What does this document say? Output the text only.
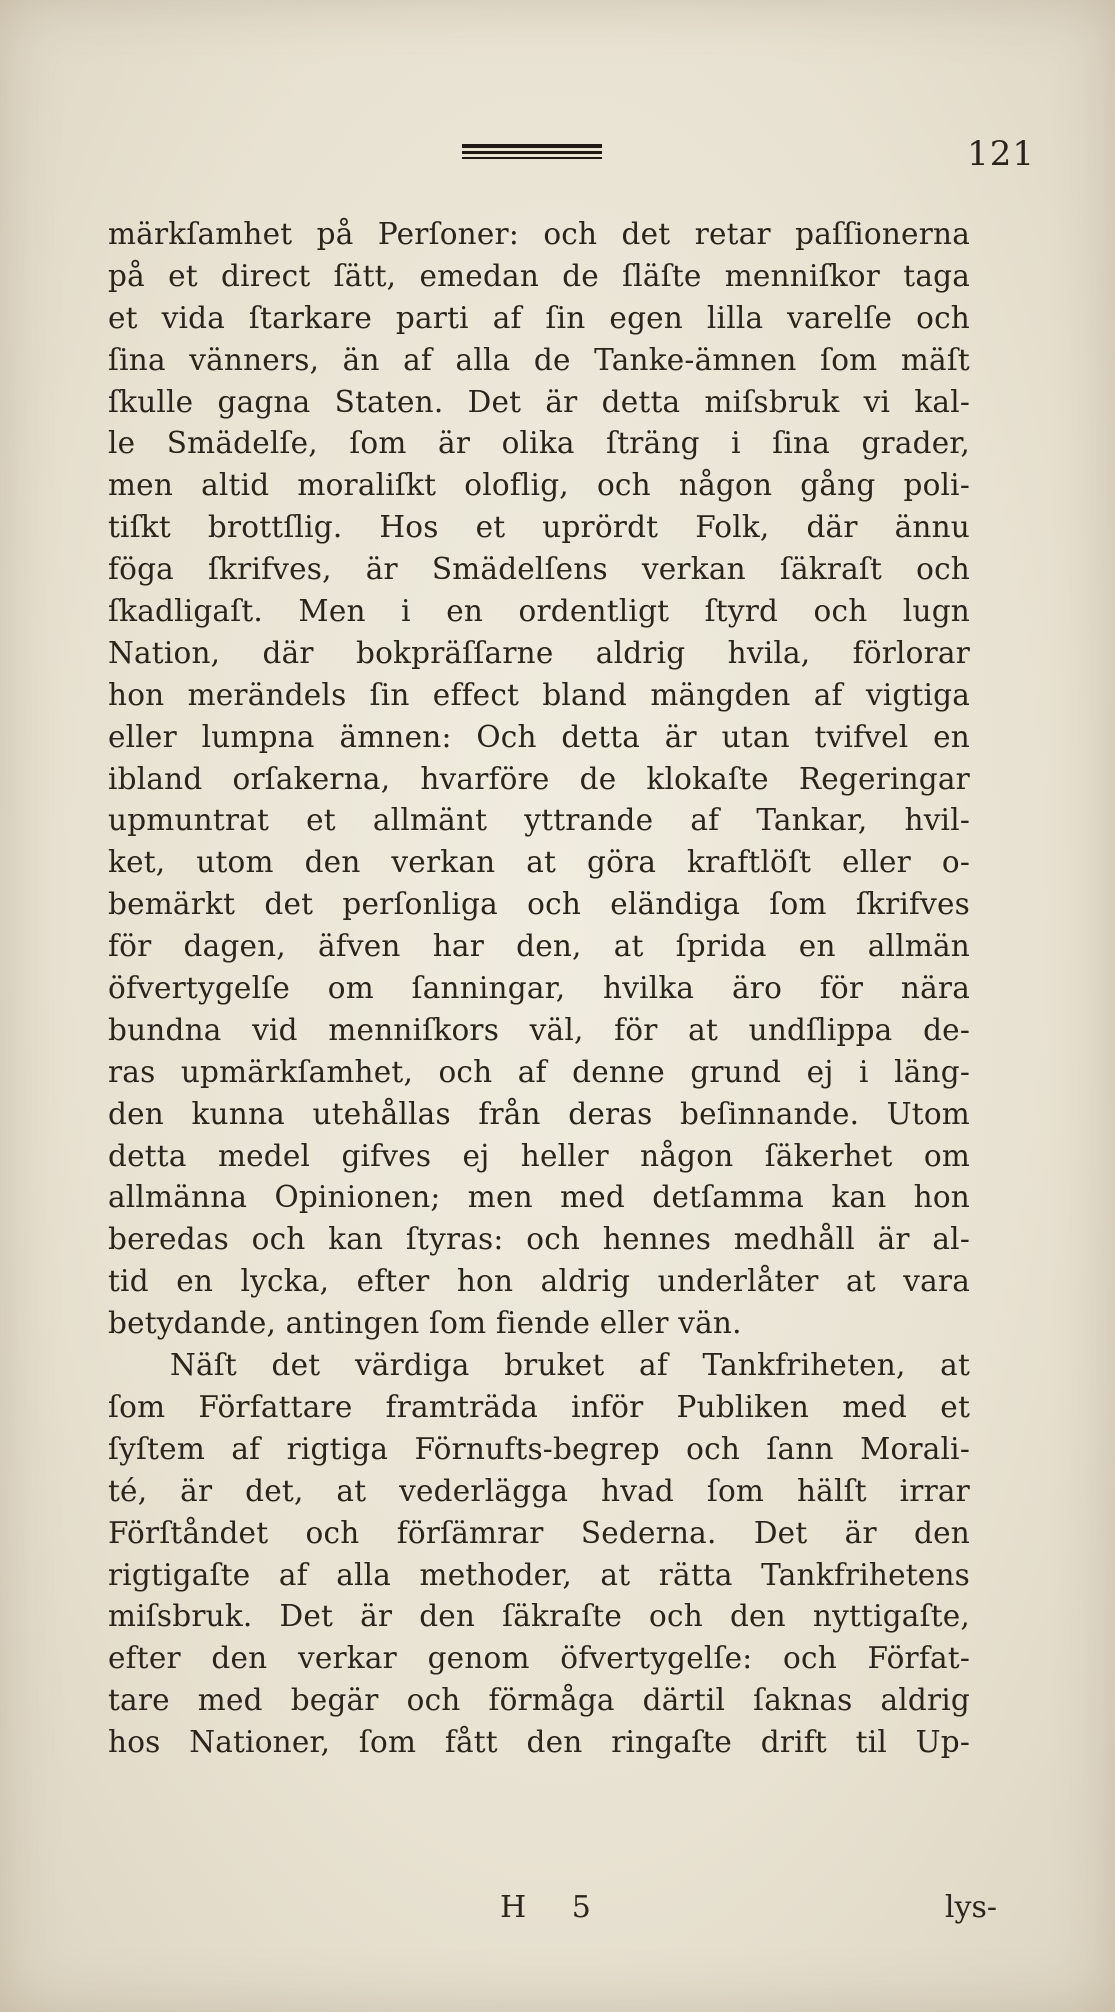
121
märkſamhet på Perſoner: och det retar paſſionerna
på et direct ſätt, emedan de ſläſte menniſkor taga
et vida ſtarkare parti af ſin egen lilla varelſe och
ſina vänners, än af alla de Tanke-ämnen ſom mäſt
ſkulle gagna Staten. Det är detta miſsbruk vi kal-
le Smädelſe, ſom är olika ſträng i ſina grader,
men altid moraliſkt oloflig, och någon gång poli-
tiſkt brottſlig. Hos et uprördt Folk, där ännu
föga ſkrifves, är Smädelſens verkan ſäkraſt och
ſkadligaſt. Men i en ordentligt ſtyrd och lugn
Nation, där bokpräſſarne aldrig hvila, förlorar
hon merändels ſin effect bland mängden af vigtiga
eller lumpna ämnen: Och detta är utan tvifvel en
ibland orſakerna, hvarföre de klokaſte Regeringar
upmuntrat et allmänt yttrande af Tankar, hvil-
ket, utom den verkan at göra kraftlöſt eller o-
bemärkt det perſonliga och eländiga ſom ſkrifves
för dagen, äfven har den, at ſprida en allmän
öfvertygelſe om ſanningar, hvilka äro för nära
bundna vid menniſkors väl, för at undſlippa de-
ras upmärkſamhet, och af denne grund ej i läng-
den kunna utehållas från deras beſinnande. Utom
detta medel gifves ej heller någon ſäkerhet om
allmänna Opinionen; men med detſamma kan hon
beredas och kan ſtyras: och hennes medhåll är al-
tid en lycka, efter hon aldrig underlåter at vara
betydande, antingen ſom fiende eller vän.
Näſt det värdiga bruket af Tankfriheten, at
ſom Författare framträda inför Publiken med et
ſyſtem af rigtiga Förnufts-begrep och ſann Morali-
té, är det, at vederlägga hvad ſom hälſt irrar
Förſtåndet och förſämrar Sederna. Det är den
rigtigaſte af alla methoder, at rätta Tankfrihetens
miſsbruk. Det är den ſäkraſte och den nyttigaſte,
efter den verkar genom öfvertygelſe: och Förfat-
tare med begär och förmåga därtil ſaknas aldrig
hos Nationer, ſom fått den ringaſte drift til Up-
H 5	lys-
